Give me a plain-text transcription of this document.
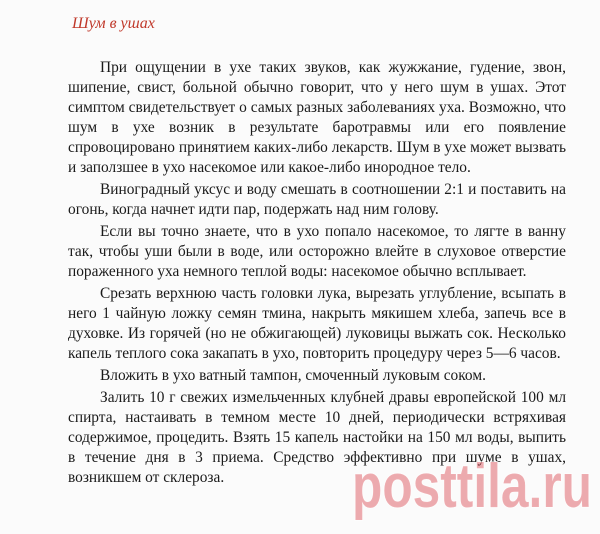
Шум в ушах

При ощущении в ухе таких звуков, как жужжание, гудение, звон, шипение, свист, больной обычно говорит, что у него шум в ушах. Этот симптом свидетельствует о самых разных заболеваниях уха. Возможно, что шум в ухе возник в результате баротравмы или его появление спровоцировано принятием каких-либо лекарств. Шум в ухе может вызвать и заползшее в ухо насекомое или какое-либо инородное тело.

Виноградный уксус и воду смешать в соотношении 2:1 и поставить на огонь, когда начнет идти пар, подержать над ним голову.

Если вы точно знаете, что в ухо попало насекомое, то лягте в ванну так, чтобы уши были в воде, или осторожно влейте в слуховое отверстие пораженного уха немного теплой воды: насекомое обычно всплывает.

Срезать верхнюю часть головки лука, вырезать углубление, всыпать в него 1 чайную ложку семян тмина, накрыть мякишем хлеба, запечь все в духовке. Из горячей (но не обжигающей) луковицы выжать сок. Несколько капель теплого сока закапать в ухо, повторить процедуру через 5—6 часов.

Вложить в ухо ватный тампон, смоченный луковым соком.

Залить 10 г свежих измельченных клубней дравы европейской 100 мл спирта, настаивать в темном месте 10 дней, периодически встряхивая содержимое, процедить. Взять 15 капель настойки на 150 мл воды, выпить в течение дня в 3 приема. Средство эффективно при шуме в ушах, возникшем от склероза.	posttila.ru
